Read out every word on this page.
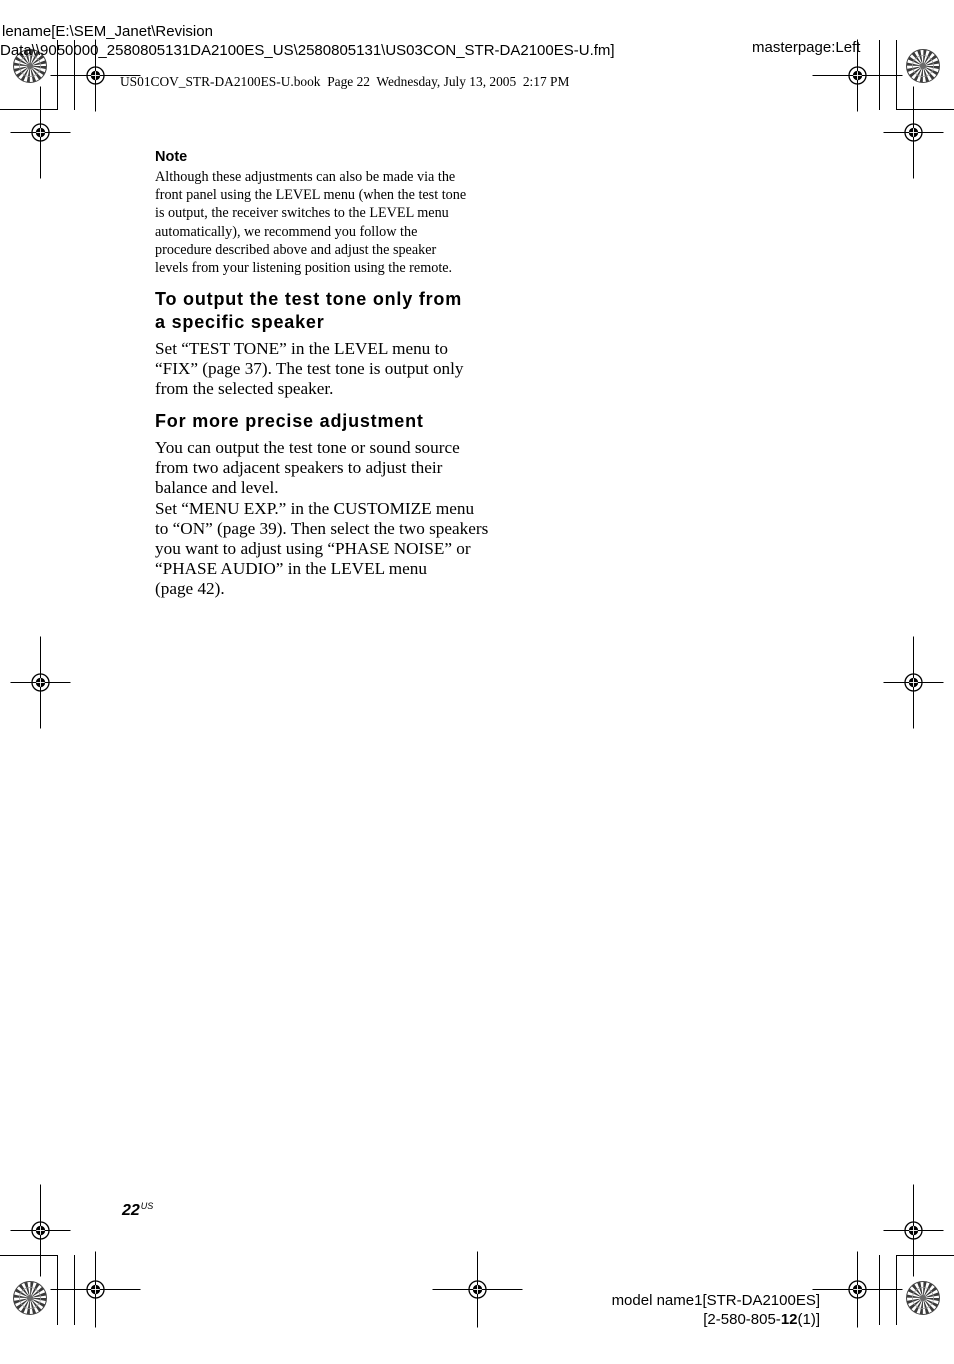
lename[E:\SEM_Janet\Revision
Data\\9050000_2580805131DA2100ES_US\2580805131\US03CON_STR-DA2100ES-U.fm]	masterpage:Left
US01COV_STR-DA2100ES-U.book  Page 22  Wednesday, July 13, 2005  2:17 PM
Note
Although these adjustments can also be made via the
front panel using the LEVEL menu (when the test tone
is output, the receiver switches to the LEVEL menu
automatically), we recommend you follow the
procedure described above and adjust the speaker
levels from your listening position using the remote.
To output the test tone only from
a specific speaker
Set “TEST TONE” in the LEVEL menu to
“FIX” (page 37). The test tone is output only
from the selected speaker.
For more precise adjustment
You can output the test tone or sound source
from two adjacent speakers to adjust their
balance and level.
Set “MENU EXP.” in the CUSTOMIZE menu
to “ON” (page 39). Then select the two speakers
you want to adjust using “PHASE NOISE” or
“PHASE AUDIO” in the LEVEL menu
(page 42).
$22^{US}$
model name1[STR-DA2100ES]
[2-580-805-12(1)]
